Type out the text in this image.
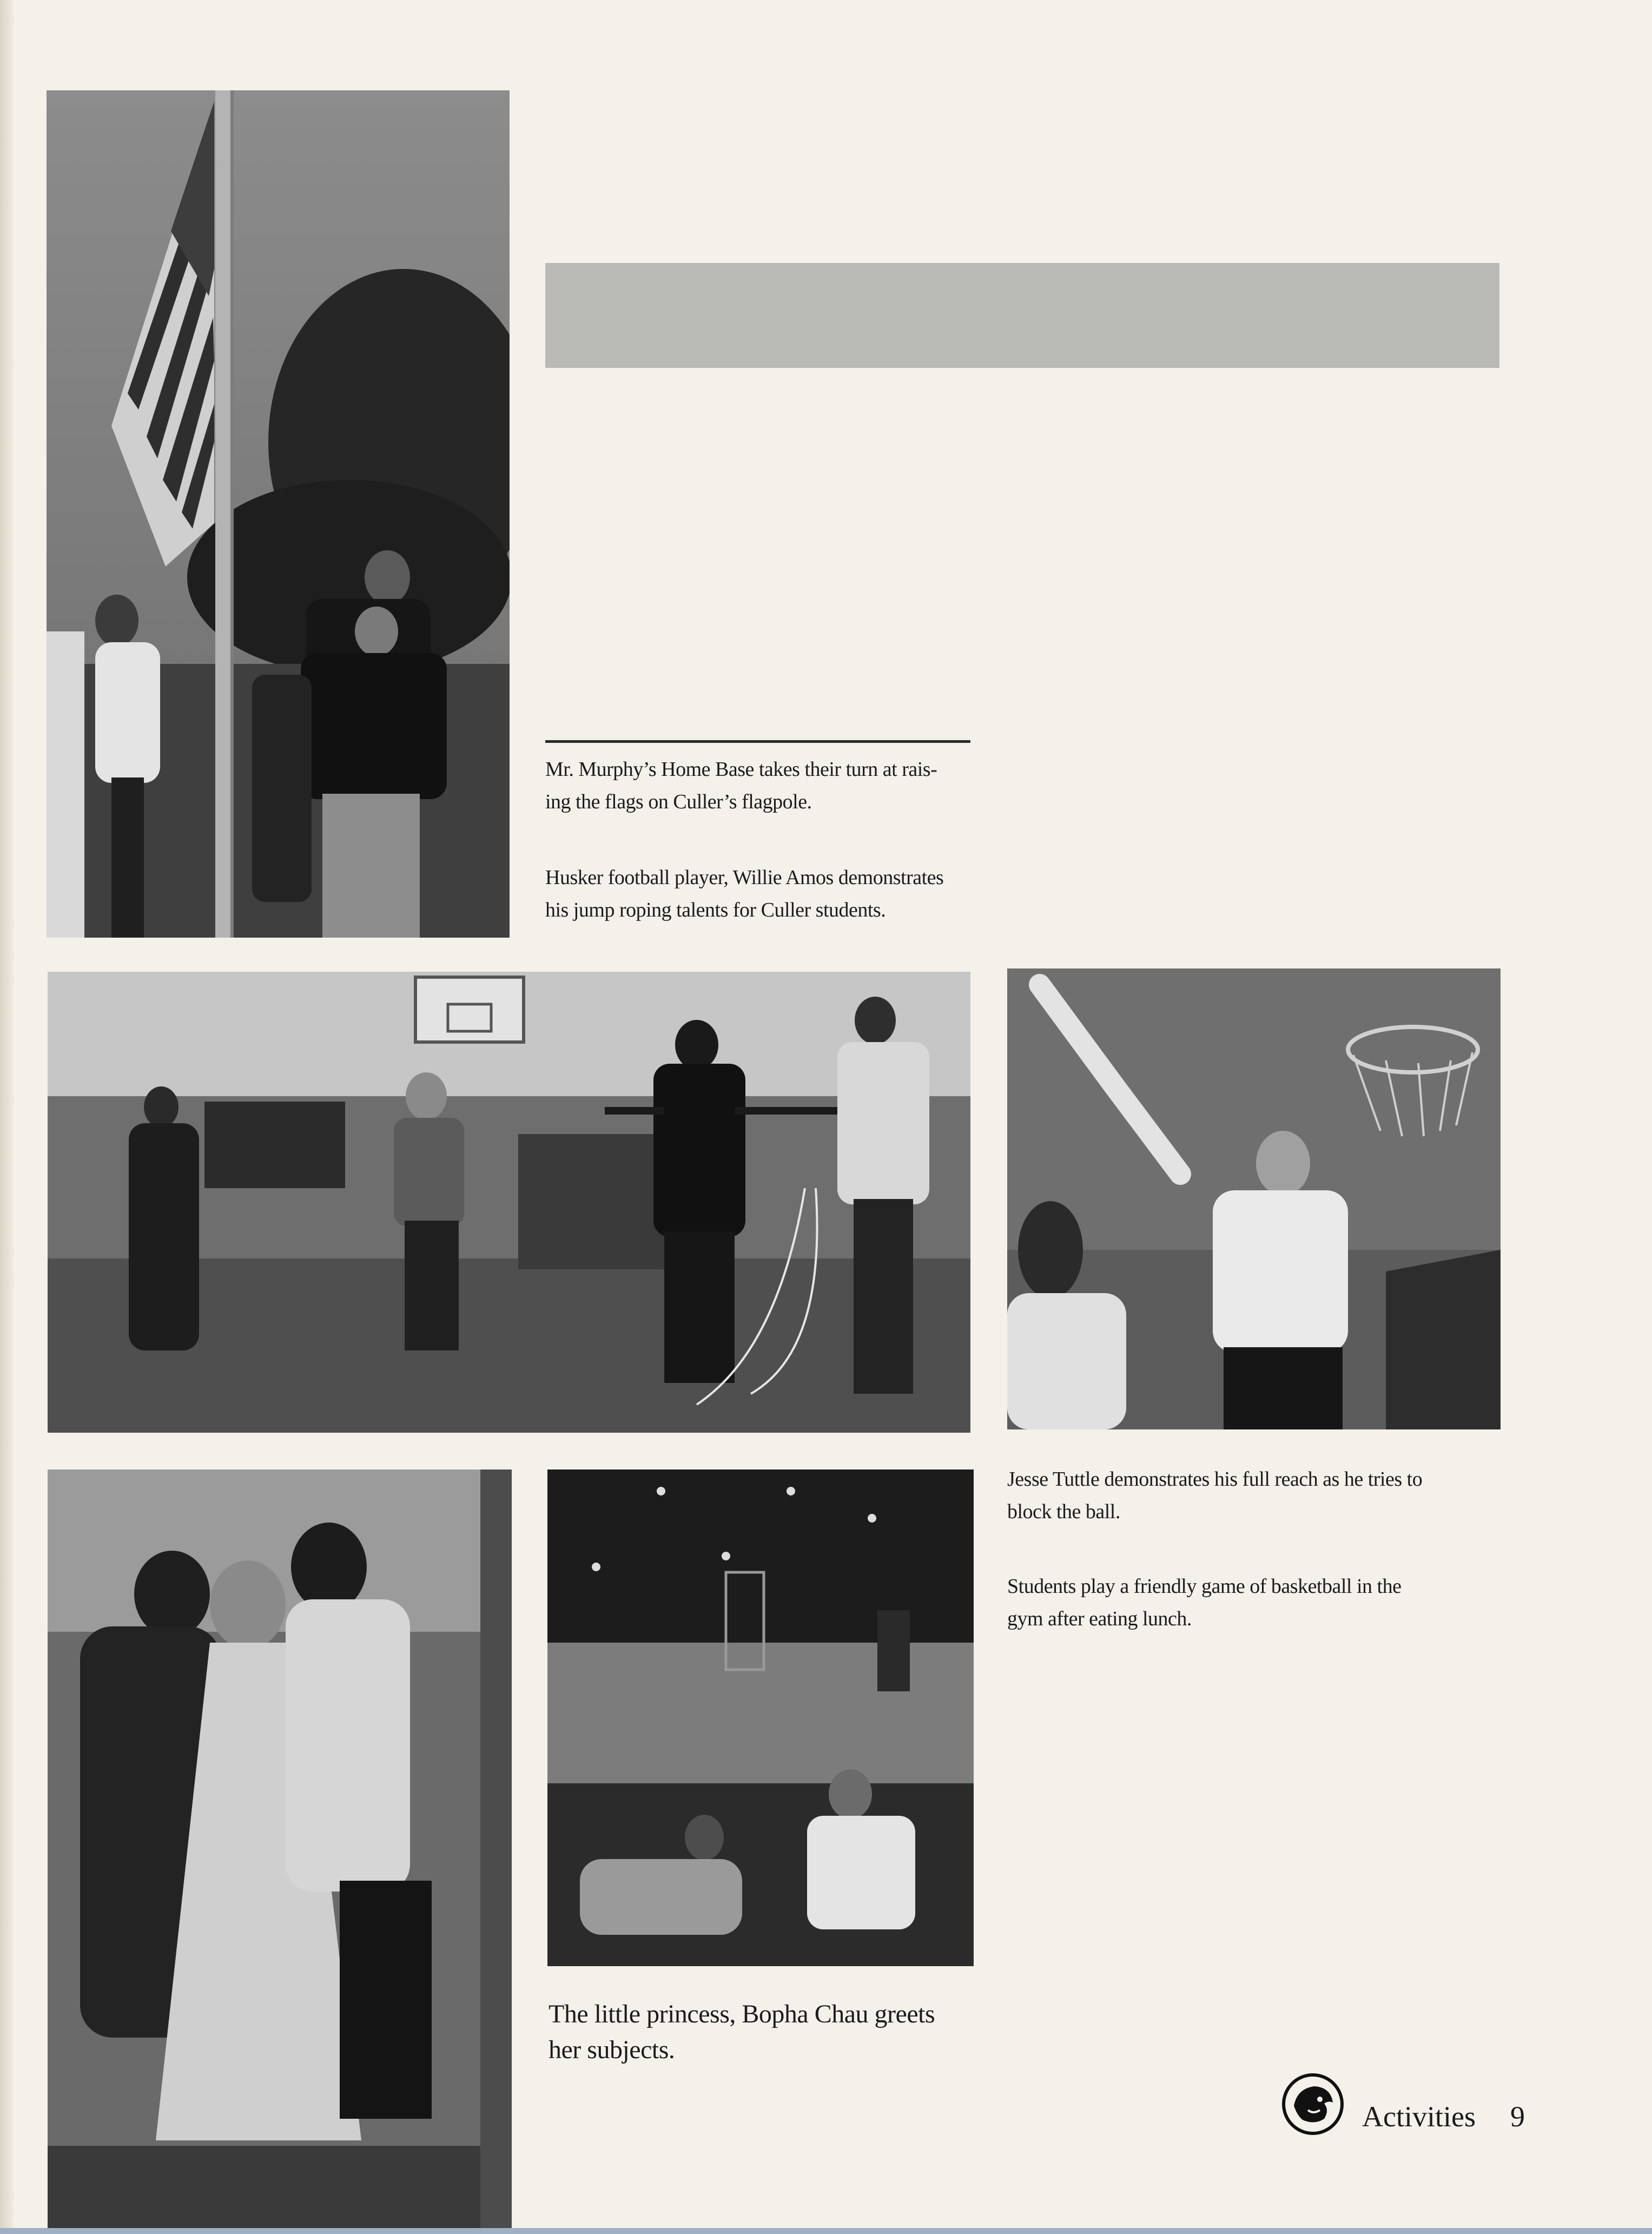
Mr. Murphy’s Home Base takes their turn at rais-
ing the flags on Culler’s flagpole.
Husker football player, Willie Amos demonstrates
his jump roping talents for Culler students.
Jesse Tuttle demonstrates his full reach as he tries to
block the ball.
Students play a friendly game of basketball in the
gym after eating lunch.
The little princess, Bopha Chau greets
her subjects.
Activities 9
